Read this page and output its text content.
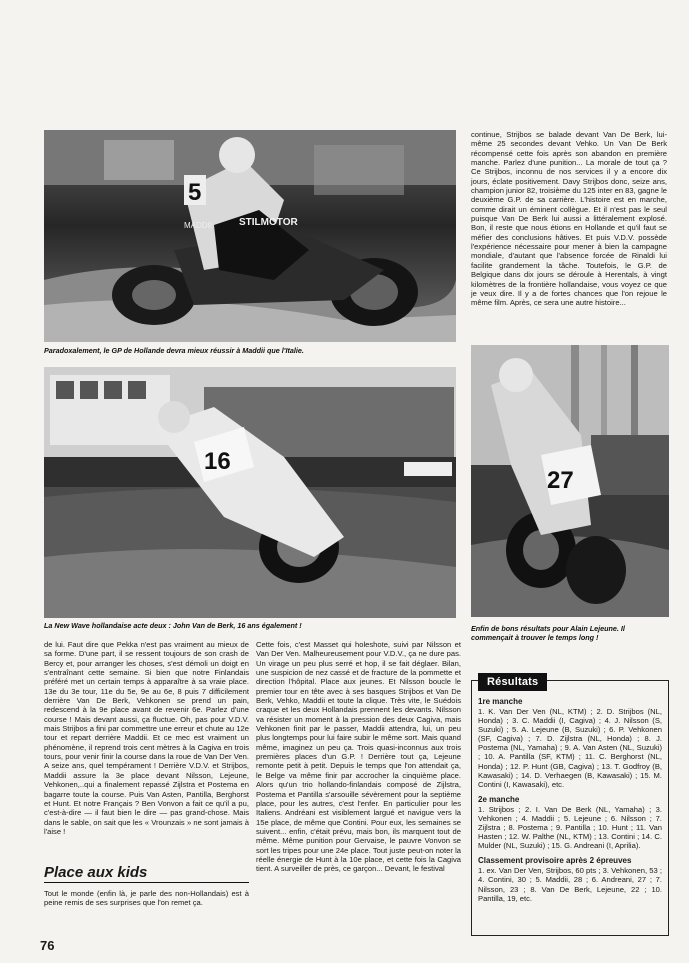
5
MADDII	STILMOTOR
Paradoxalement, le GP de Hollande devra mieux réussir à Maddii que l'Italie.

continue, Strijbos se balade devant Van De Berk, lui-même 25 secondes devant Vehko. Un Van De Berk récompensé cette fois après son abandon en première manche. Parlez d'une punition... La morale de tout ça ? Ce Strijbos, inconnu de nos services il y a encore dix jours, éclate positivement. Davy Strijbos donc, seize ans, champion junior 82, troisième du 125 inter en 83, gagne le deuxième G.P. de sa carrière. L'histoire est en marche, comme dirait un éminent collègue. Et il n'est pas le seul puisque Van De Berk lui aussi a littéralement explosé. Bon, il reste que nous étions en Hollande et qu'il faut se méfier des conclusions hâtives. Et puis V.D.V. possède l'expérience nécessaire pour mener à bien la campagne mondiale, d'autant que l'absence forcée de Rinaldi lui facilite grandement la tâche. Toutefois, le G.P. de Belgique dans dix jours se déroule à Herentals, à vingt kilomètres de la frontière hollandaise, vous voyez ce que je veux dire. Il y a de fortes chances que l'on rejoue le même film. Après, ce sera une autre histoire...

16
La New Wave hollandaise acte deux : John Van de Berk, 16 ans également !
27
Enfin de bons résultats pour Alain Lejeune. Il commençait à trouver le temps long !

de lui. Faut dire que Pekka n'est pas vraiment au mieux de sa forme. D'une part, il se ressent toujours de son crash de Bercy et, pour arranger les choses, s'est démoli un doigt en s'entraînant cette semaine. Si bien que notre Finlandais préféré met un certain temps à apparaître à sa vraie place. 13e du 3e tour, 11e du 5e, 9e au 6e, 8 puis 7 difficilement derrière Van De Berk, Vehkonen se prend un pain, redescend à la 9e place avant de revenir 6e. Parlez d'une course ! Mais devant aussi, ça fluctue. Oh, pas pour V.D.V. mais Strijbos a fini par commettre une erreur et chute au 12e tour et repart derrière Maddii. Et ce mec est vraiment un phénomène, il reprend trois cent mètres à la Cagiva en trois tours, pour venir finir la course dans la roue de Van Der Ven. A seize ans, quel tempérament ! Derrière V.D.V. et Strijbos, Maddii assure la 3e place devant Nilsson, Lejeune, Vehkonen,..qui a finalement repassé Zijlstra et Postema en bagarre toute la course. Puis Van Asten, Pantilla, Berghorst et Hunt. Et notre Français ? Ben Vonvon a fait ce qu'il a pu, c'est-à-dire — il faut bien le dire — pas grand-chose. Mais dans le sable, on sait que les « Vrounzais » ne sont jamais à l'aise !

Place aux kids

Tout le monde (enfin là, je parle des non-Hollandais) est à peine remis de ses surprises que l'on remet ça.

76

Cette fois, c'est Masset qui holeshote, suivi par Nilsson et Van Der Ven. Malheureusement pour V.D.V., ça ne dure pas. Un virage un peu plus serré et hop, il se fait déglaer. Bilan, une suspicion de nez cassé et de fracture de la pommette et direction l'hôpital. Place aux jeunes. Et Nilsson boucle le premier tour en tête avec à ses basques Strijbos et Van De Berk, Vehko, Maddii et toute la clique. Très vite, le Suédois craque et les deux Hollandais prennent les devants. Nilsson va résister un moment à la pression des deux Cagiva, mais Vehkonen finit par le passer, Maddii attendra, lui, un peu plus longtemps pour lui faire subir le même sort. Mais quand même, imaginez un peu ça. Trois quasi-inconnus aux trois premières places d'un G.P. ! Derrière tout ça, Lejeune remonte petit à petit. Depuis le temps que l'on attendait ça, le Belge va même finir par accrocher la cinquième place. Alors qu'un trio hollando-finlandais composé de Zijlstra, Postema et Pantilla s'arsouille sévèrement pour la septième place, pour les autres, c'est l'enfer. En particulier pour les Italiens. Andréani est visiblement largué et navigue vers la 15e place, de même que Contini. Pour eux, les semaines se suivent... enfin, c'était prévu, mais bon, ils marquent tout de même. Même punition pour Gervaise, le pauvre Vonvon se sort les tripes pour une 24e place. Tout juste peut-on noter la réelle énergie de Hunt à la 10e place, et cette fois la Cagiva tient. A surveiller de près, ce garçon... Devant, le festival

1re manche

1. K. Van Der Ven (NL, KTM) ; 2. D. Strijbos (NL, Honda) ; 3. C. Maddii (I, Cagiva) ; 4. J. Nilsson (S, Suzuki) ; 5. A. Lejeune (B, Suzuki) ; 6. P. Vehkonen (SF, Cagiva) ; 7. D. Zijlstra (NL, Honda) ; 8. J. Postema (NL, Yamaha) ; 9. A. Van Asten (NL, Suzuki) ; 10. A. Pantilla (SF, KTM) ; 11. C. Berghorst (NL, Honda) ; 12. P. Hunt (GB, Cagiva) ; 13. T. Godfroy (B, Kawasaki) ; 14. D. Verhaegen (B, Kawasaki) ; 15. M. Contini (I, Kawasaki), etc.

2e manche

1. Strijbos ; 2. I. Van De Berk (NL, Yamaha) ; 3. Vehkonen ; 4. Maddii ; 5. Lejeune ; 6. Nilsson ; 7. Zijlstra ; 8. Postema ; 9. Pantilla ; 10. Hunt ; 11. Van Hasten ; 12. W. Palthe (NL, KTM) ; 13. Contini ; 14. C. Mulder (NL, Suzuki) ; 15. G. Andreani (I, Aprilia).

Classement provisoire après 2 épreuves

1. ex. Van Der Ven, Strijbos, 60 pts ; 3. Vehkonen, 53 ; 4. Contini, 30 ; 5. Maddii, 28 ; 6. Andreani, 27 ; 7. Nilsson, 23 ; 8. Van De Berk, Lejeune, 22 ; 10. Pantilla, 19, etc.

Résultats
